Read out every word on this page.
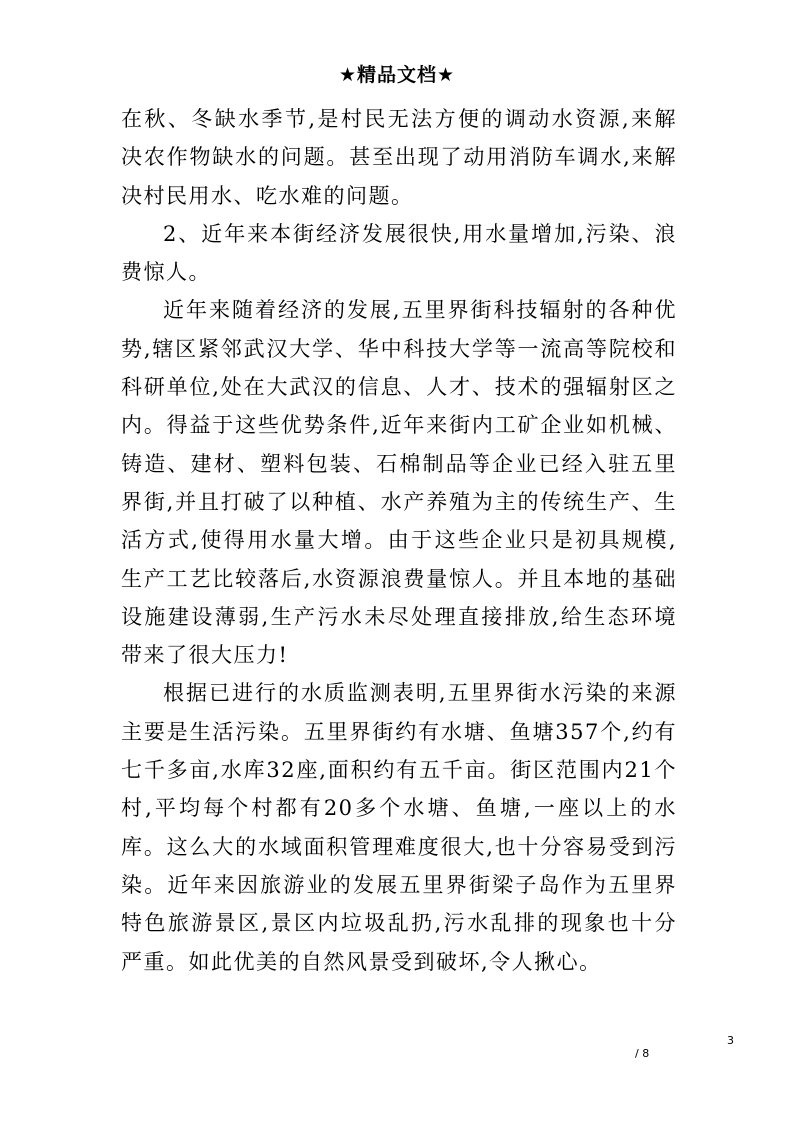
★精品文档★

在秋、冬缺水季节,是村民无法方便的调动水资源,来解决农作物缺水的问题。甚至出现了动用消防车调水,来解决村民用水、吃水难的问题。

2、近年来本街经济发展很快,用水量增加,污染、浪费惊人。

近年来随着经济的发展,五里界街科技辐射的各种优势,辖区紧邻武汉大学、华中科技大学等一流高等院校和科研单位,处在大武汉的信息、人才、技术的强辐射区之内。得益于这些优势条件,近年来街内工矿企业如机械、铸造、建材、塑料包装、石棉制品等企业已经入驻五里界街,并且打破了以种植、水产养殖为主的传统生产、生活方式,使得用水量大增。由于这些企业只是初具规模,生产工艺比较落后,水资源浪费量惊人。并且本地的基础设施建设薄弱,生产污水未尽处理直接排放,给生态环境带来了很大压力!

根据已进行的水质监测表明,五里界街水污染的来源主要是生活污染。五里界街约有水塘、鱼塘357个,约有七千多亩,水库32座,面积约有五千亩。街区范围内21个村,平均每个村都有20多个水塘、鱼塘,一座以上的水库。这么大的水域面积管理难度很大,也十分容易受到污染。近年来因旅游业的发展五里界街梁子岛作为五里界特色旅游景区,景区内垃圾乱扔,污水乱排的现象也十分严重。如此优美的自然风景受到破坏,令人揪心。

3
/ 8
